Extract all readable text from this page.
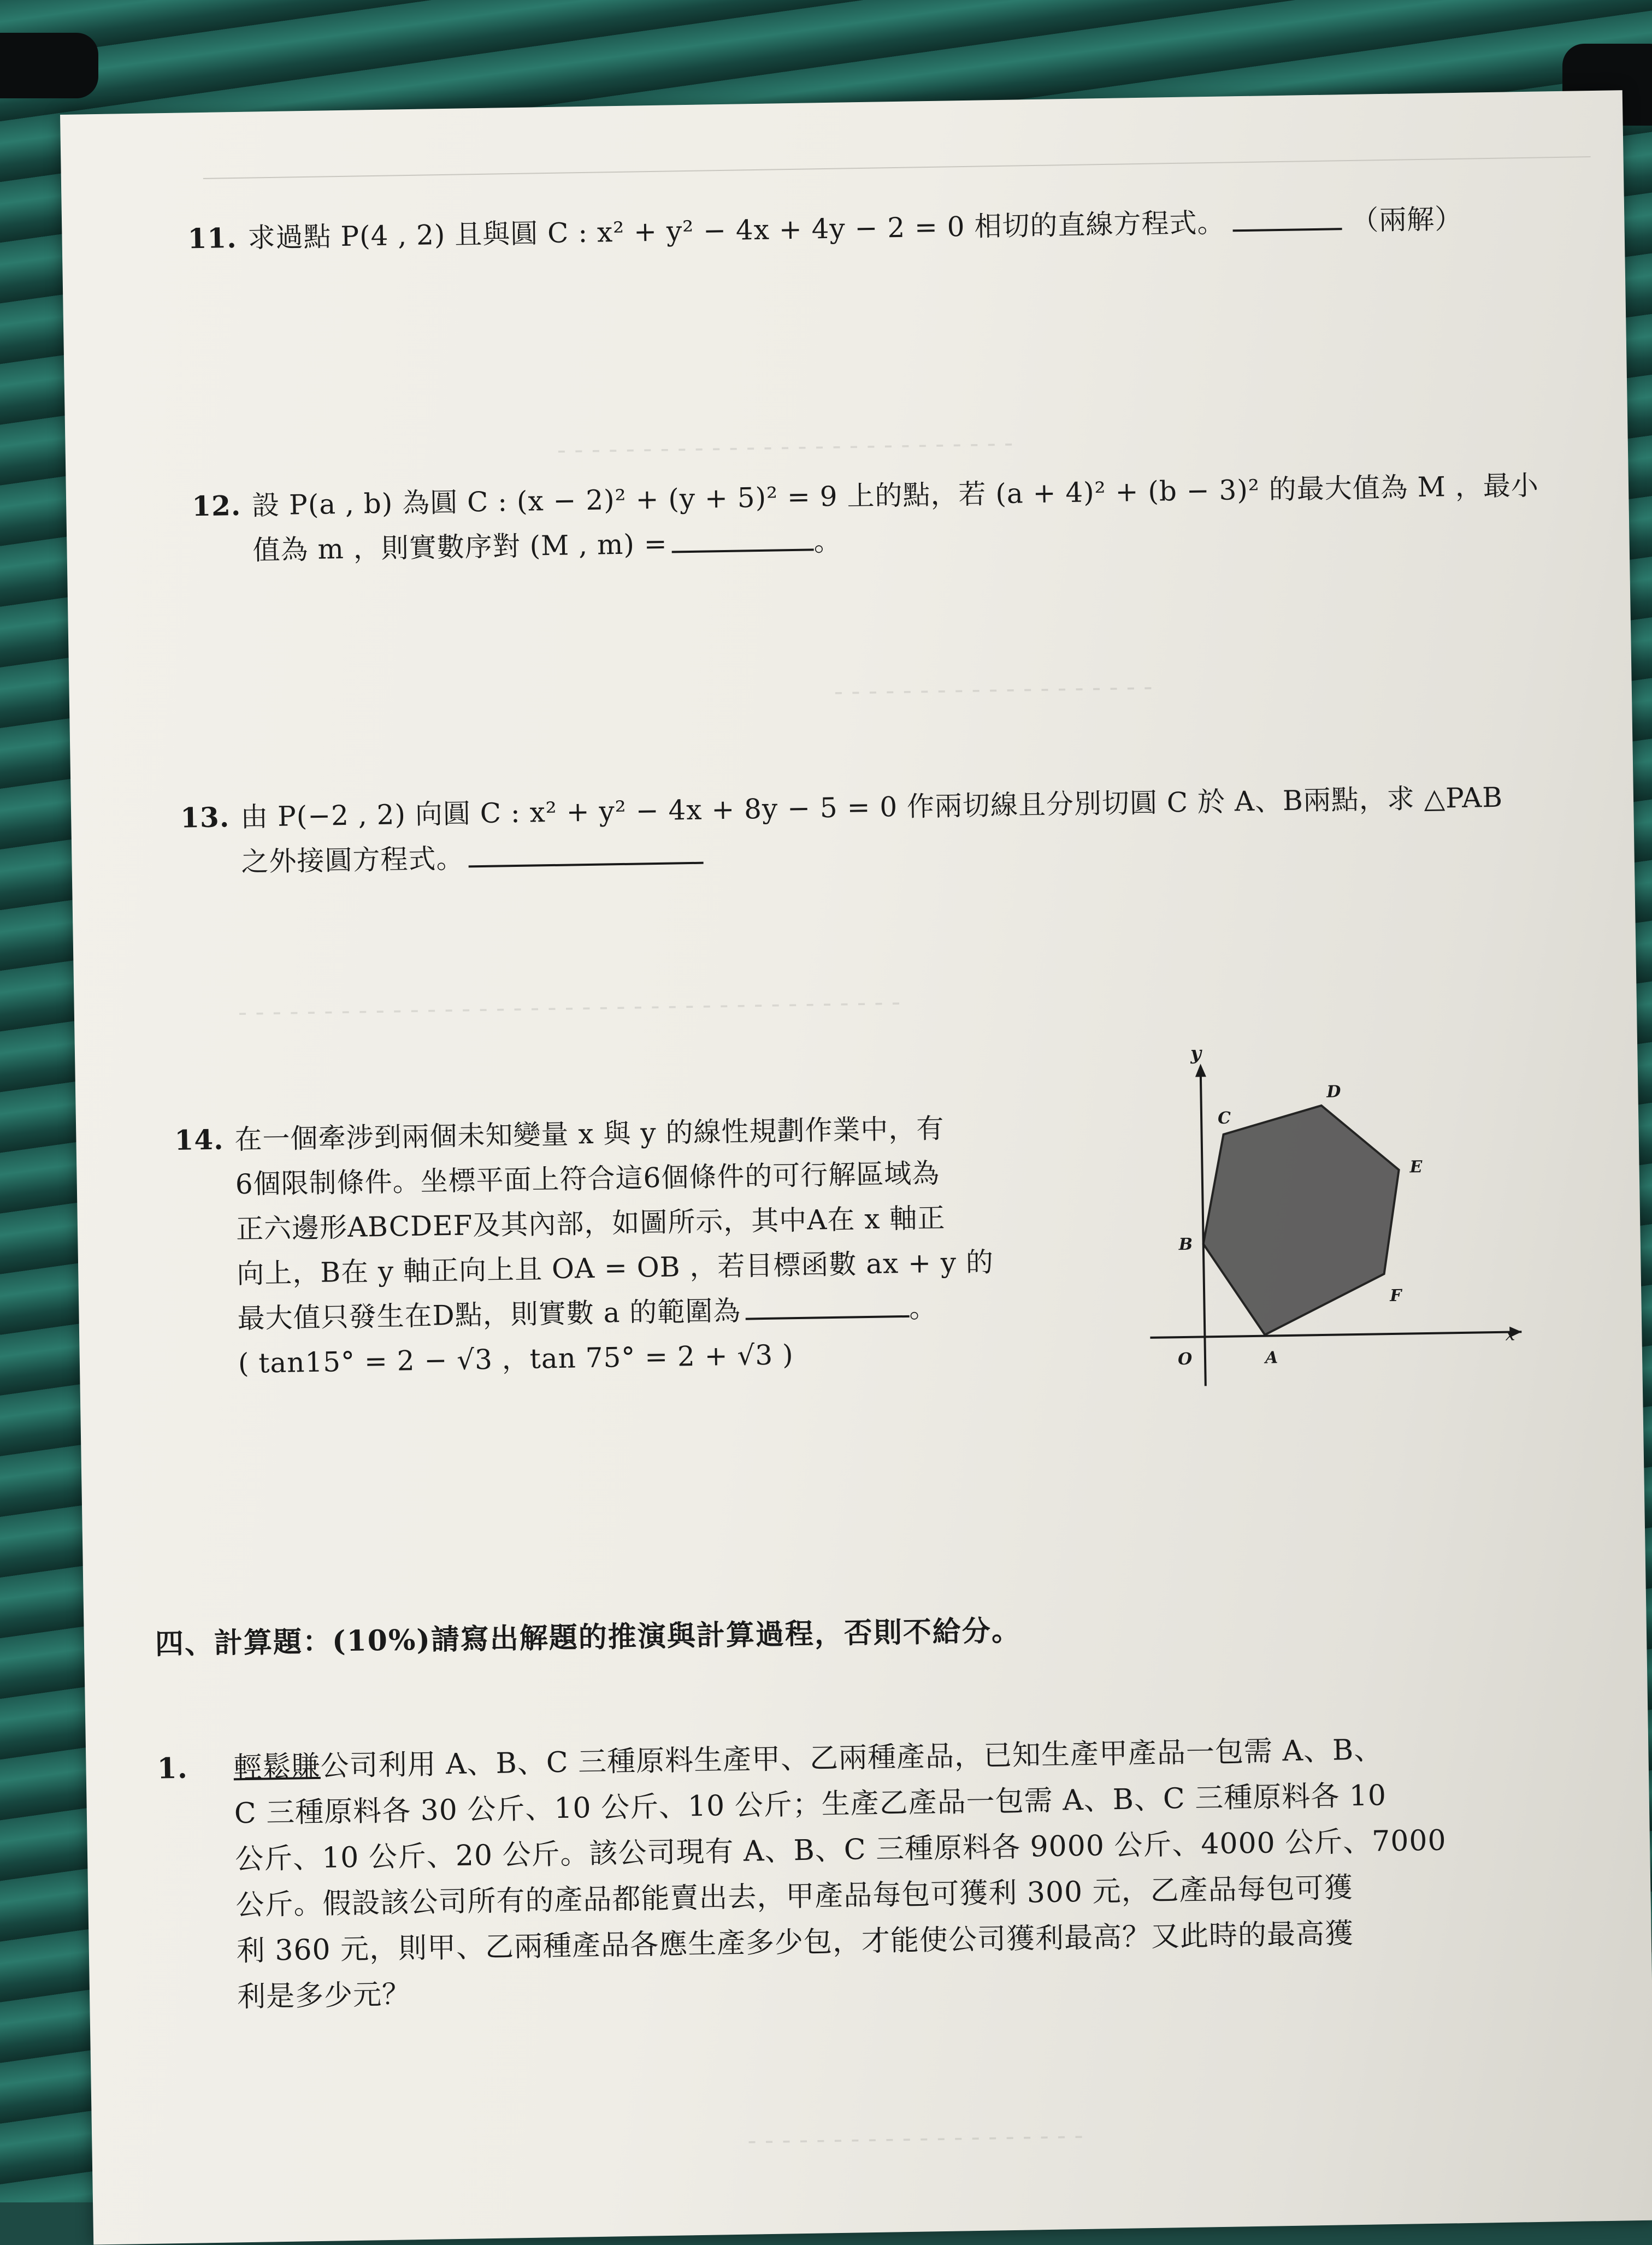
- - - - - - - - - - - - - - - - - - - - - - - - - - -
- - - - - - - - - - - - - - - - - - -
- - - - - - - - - - - - - - - - - - - - - - - - - - - - - - - - - - - - - - -
11. 求過點 P(4 , 2) 且與圓 C : x² + y² − 4x + 4y − 2 = 0 相切的直線方程式。	（兩解）
12. 設 P(a , b) 為圓 C : (x − 2)² + (y + 5)² = 9 上的點，若 (a + 4)² + (b − 3)² 的最大值為 M ，最小
值為 m ，則實數序對 (M , m) =	。
13. 由 P(−2 , 2) 向圓 C : x² + y² − 4x + 8y − 5 = 0 作兩切線且分別切圓 C 於 A、B兩點，求 △PAB
之外接圓方程式。
14. 在一個牽涉到兩個未知變量 x 與 y 的線性規劃作業中，有
6個限制條件。坐標平面上符合這6個條件的可行解區域為
正六邊形ABCDEF及其內部，如圖所示，其中A在 x 軸正
向上，B在 y 軸正向上且 OA = OB ，若目標函數 ax + y 的
最大值只發生在D點，則實數 a 的範圍為	。
( tan15° = 2 − √3 ，tan 75° = 2 + √3 )
y
x
O	A
B
C
D
E
F
四、計算題：(10%)請寫出解題的推演與計算過程，否則不給分。
1. 輕鬆賺公司利用 A、B、C 三種原料生產甲、乙兩種產品，已知生產甲產品一包需 A、B、
C 三種原料各 30 公斤、10 公斤、10 公斤；生產乙產品一包需 A、B、C 三種原料各 10
公斤、10 公斤、20 公斤。該公司現有 A、B、C 三種原料各 9000 公斤、4000 公斤、7000
公斤。假設該公司所有的產品都能賣出去，甲產品每包可獲利 300 元，乙產品每包可獲
利 360 元，則甲、乙兩種產品各應生產多少包，才能使公司獲利最高？又此時的最高獲
利是多少元？
- - - - - - - - - - - - - - - - - - - -
